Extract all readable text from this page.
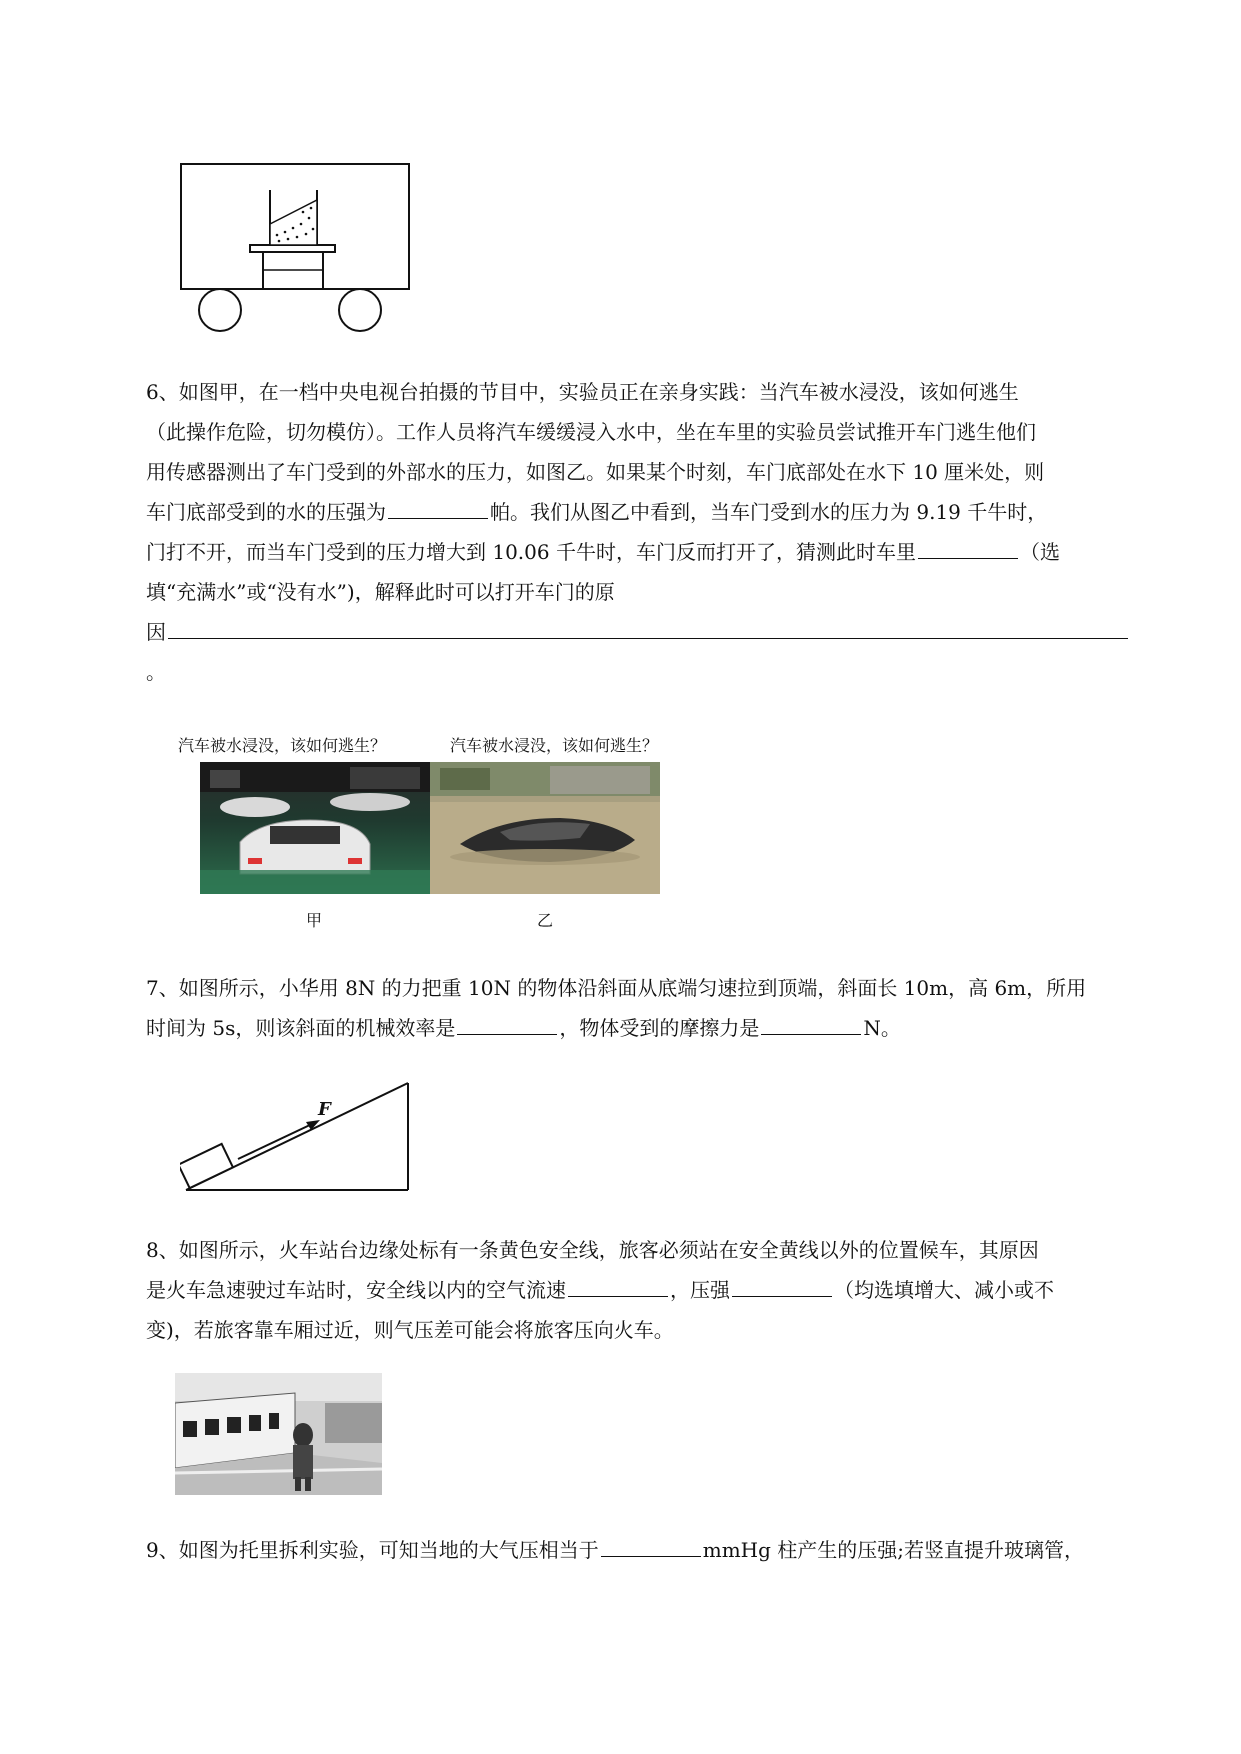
6、如图甲，在一档中央电视台拍摄的节目中，实验员正在亲身实践：当汽车被水浸没，该如何逃生
（此操作危险，切勿模仿）。工作人员将汽车缓缓浸入水中，坐在车里的实验员尝试推开车门逃生他们
用传感器测出了车门受到的外部水的压力，如图乙。如果某个时刻，车门底部处在水下 10 厘米处，则
车门底部受到的水的压强为	帕。我们从图乙中看到，当车门受到水的压力为 9.19 千牛时，
门打不开，而当车门受到的压力增大到 10.06 千牛时，车门反而打开了，猜测此时车里	（选
填“充满水”或“没有水”)，解释此时可以打开车门的原
因
。
汽车被水浸没，该如何逃生？	汽车被水浸没，该如何逃生？
甲	乙
7、如图所示，小华用 8N 的力把重 10N 的物体沿斜面从底端匀速拉到顶端，斜面长 10m，高 6m，所用
时间为 5s，则该斜面的机械效率是	，物体受到的摩擦力是	N。
F
8、如图所示，火车站台边缘处标有一条黄色安全线，旅客必须站在安全黄线以外的位置候车，其原因
是火车急速驶过车站时，安全线以内的空气流速	，压强	（均选填增大、减小或不
变)，若旅客靠车厢过近，则气压差可能会将旅客压向火车。
9、如图为托里拆利实验，可知当地的大气压相当于	mmHg 柱产生的压强;若竖直提升玻璃管，
